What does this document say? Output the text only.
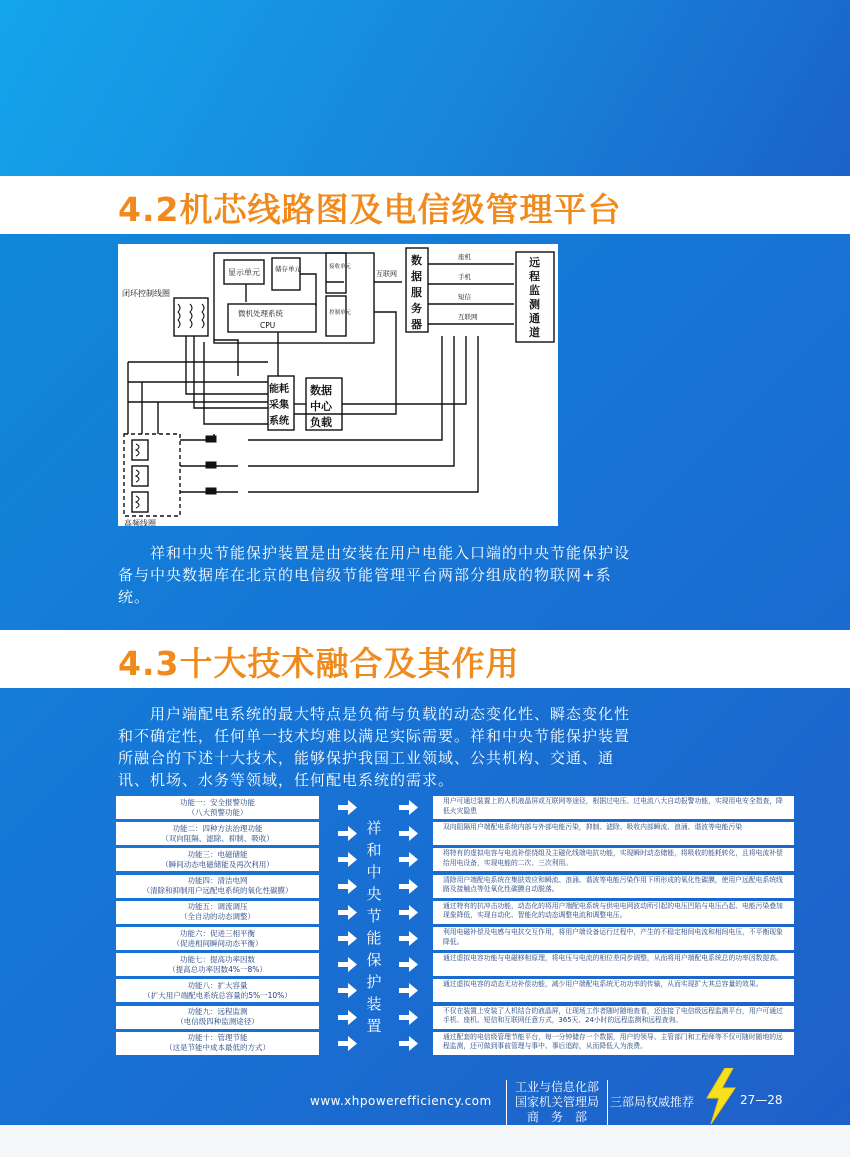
4.2机芯线路图及电信级管理平台
闭环控制线圈
显示单元 储存单元	接收单元
控制单元
微机处理系统
CPU
互联网
座机
手机
短信
互联网
高频线圈
数
据
服
务
器
远
程
监
测
通
道
能耗
采集
系统
数据
中心
负载
　　祥和中央节能保护装置是由安装在用户电能入口端的中央节能保护设
备与中央数据库在北京的电信级节能管理平台两部分组成的物联网+系
统。
4.3十大技术融合及其作用
　　用户端配电系统的最大特点是负荷与负载的动态变化性、瞬态变化性
和不确定性，任何单一技术均难以满足实际需要。祥和中央节能保护装置
所融合的下述十大技术，能够保护我国工业领域、公共机构、交通、通
讯、机场、水务等领域，任何配电系统的需求。
祥和中央节能保护装置
功能一：安全报警功能
（八大预警功能）
用户可通过装置上的人机液晶屏或互联网等途径，根据过电压、过电流八大自动报警功能，实现用电安全指查，降低火灾隐患
功能二：四种方法治理功能
（双向阻隔、滤除、抑制、吸收）
双向阻隔用户端配电系统内部与外部电能污染，抑制、滤除、吸收内部瞬流、浪涌、谐波等电能污染
功能三：电磁储能
（瞬间动态电磁储能及再次利用）
将特有的虚拟电容与电流补偿绕组及主磁化线端电抗功能，实现瞬时动态储能，将吸收的能耗转化，且将电流补偿给用电设备，实现电能的二次、三次利用。
功能四：清洁电网
（清除和抑制用户远配电系统的氧化性碳膜）
清除用户端配电系统在集肤效应和瞬流、浪涌、谐波等电能污染作用下所形成的氧化性碳膜，使用户远配电系统线路及接触点等处氧化性碳膜自动脱落。
功能五：调流调压
（全自动的动态调整）
通过特有的抗冲击功能，动态化的将用户端配电系统与供电电网波动所引起的电压凹陷与电压凸起、电能污染叠加现象降低，实现自动化、智能化的动态调整电流和调整电压。
功能六：促进三相平衡
（促进相间瞬间动态平衡）
利用电磁补偿及电感与电抗交互作用，将用户端设备运行过程中，产生的不稳定相间电流和相间电压，不平衡现象降低。
功能七：提高功率因数
（提高总功率因数4%一8%）
通过虚拟电容功能与电磁移相原理，将电压与电流的相位差同步调整，从而将用户端配电系统总的功率因数提高。
功能八：扩大容量
（扩大用户端配电系统总容量的5%一10%）
通过虚拟电容的动态无功补偿功能，减少用户端配电系统无功功率的传输，从而实现扩大其总容量的效果。
功能九：远程监测
（电信级四种监测途径）
不仅在装置上安装了人机结合的液晶屏，让现场工作者随时随地查看，还连接了电信级远程监测平台，用户可通过手机、座机、短信和互联网任意方式，365天、24小时的远程监测和远程查询。
功能十：管理节能
（这是节能中成本最低的方式）
通过配套的电信级管理节能平台，每一分钟储存一个数据，用户的领导、主管部门和工程师等不仅可随时随地的远程监测，还可做到事前管理与事中、事后追踪，从而降低人为浪费。
www.xhpowerefficiency.com
工业与信息化部
国家机关管理局
商　务　部
三部局权威推荐	27—28
